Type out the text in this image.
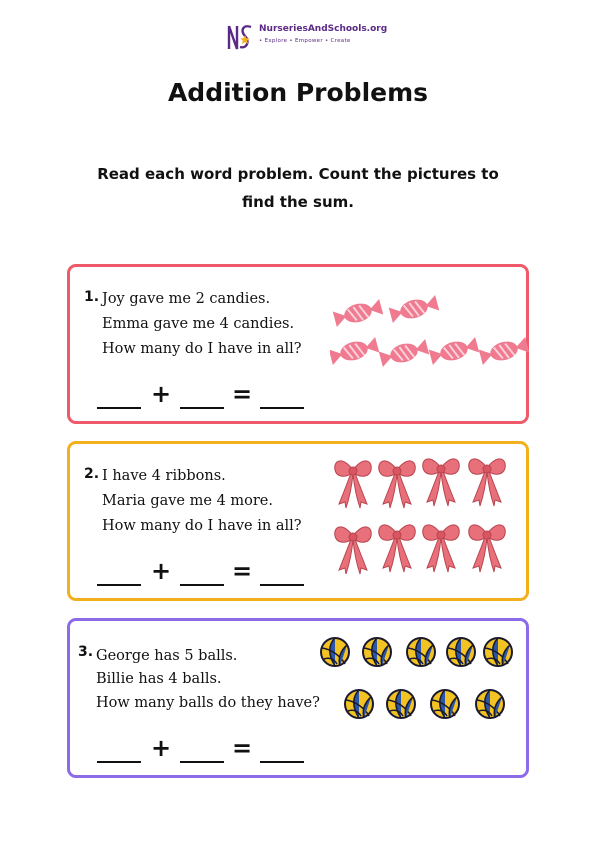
NurseriesAndSchools.org
• Explore • Empower • Create
Addition Problems
Read each word problem. Count the pictures to find the sum.
1. Joy gave me 2 candies.
Emma gave me 4 candies.
How many do I have in all?
+	=
2. I have 4 ribbons.
Maria gave me 4 more.
How many do I have in all?
+	=
3. George has 5 balls.
Billie has 4 balls.
How many balls do they have?
+	=
